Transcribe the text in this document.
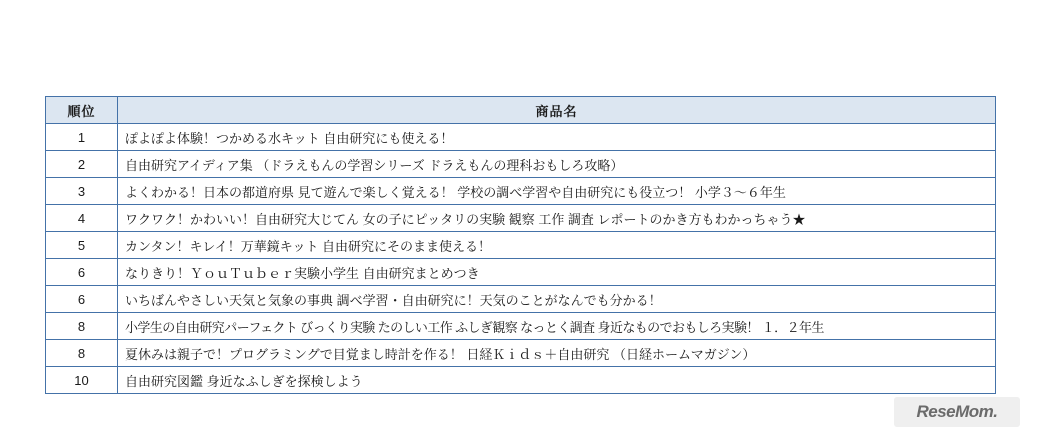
順位	商品名
1	ぽよぽよ体験！つかめる水キット 自由研究にも使える！
2	自由研究アイディア集 （ドラえもんの学習シリーズ ドラえもんの理科おもしろ攻略）
3	よくわかる！日本の都道府県 見て遊んで楽しく覚える！ 学校の調べ学習や自由研究にも役立つ！ 小学３〜６年生
4	ワクワク！かわいい！自由研究大じてん 女の子にピッタリの実験 観察 工作 調査 レポートのかき方もわかっちゃう★
5	カンタン！キレイ！万華鏡キット 自由研究にそのまま使える！
6	なりきり！ＹｏｕＴｕｂｅｒ実験小学生 自由研究まとめつき
6	いちばんやさしい天気と気象の事典 調べ学習・自由研究に！天気のことがなんでも分かる！
8	小学生の自由研究パーフェクト びっくり実験 たのしい工作 ふしぎ観察 なっとく調査 身近なものでおもしろ実験！ １．２年生
8	夏休みは親子で！プログラミングで目覚まし時計を作る！ 日経Ｋｉｄｓ＋自由研究 （日経ホームマガジン）
10	自由研究図鑑 身近なふしぎを探検しよう
ReseMom.
